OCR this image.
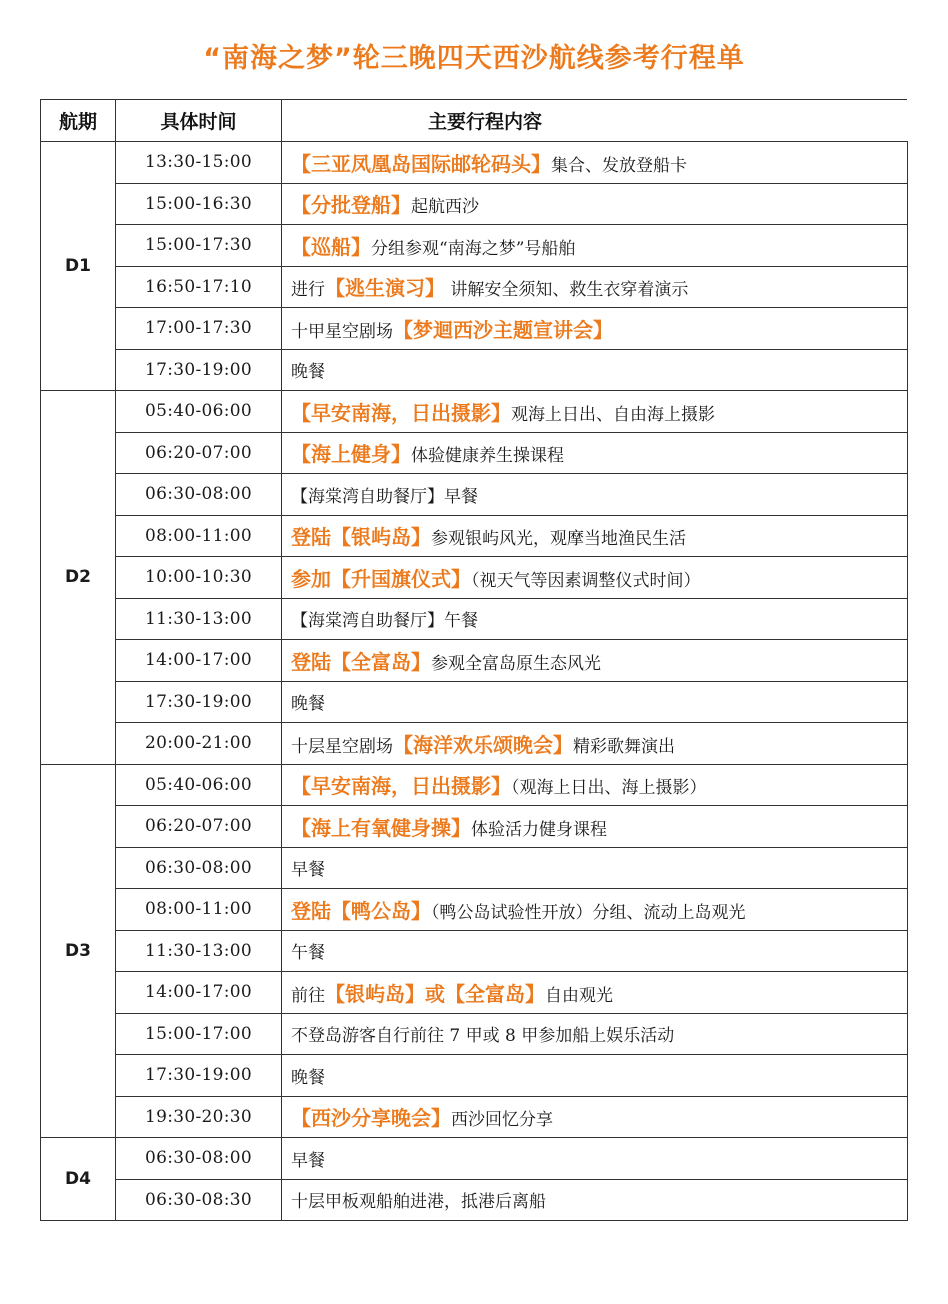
“南海之梦”轮三晚四天西沙航线参考行程单
航期	具体时间	主要行程内容
D1	13:30-15:00	【三亚凤凰岛国际邮轮码头】集合、发放登船卡
	15:00-16:30	【分批登船】起航西沙
	15:00-17:30	【巡船】分组参观“南海之梦”号船舶
	16:50-17:10	进行【逃生演习】 讲解安全须知、救生衣穿着演示
	17:00-17:30	十甲星空剧场【梦迴西沙主题宣讲会】
	17:30-19:00	晚餐
D2	05:40-06:00	【早安南海，日出摄影】观海上日出、自由海上摄影
	06:20-07:00	【海上健身】体验健康养生操课程
	06:30-08:00	【海棠湾自助餐厅】早餐
	08:00-11:00	登陆【银屿岛】参观银屿风光，观摩当地渔民生活
	10:00-10:30	参加【升国旗仪式】（视天气等因素调整仪式时间）
	11:30-13:00	【海棠湾自助餐厅】午餐
	14:00-17:00	登陆【全富岛】参观全富岛原生态风光
	17:30-19:00	晚餐
	20:00-21:00	十层星空剧场【海洋欢乐颂晚会】精彩歌舞演出
D3	05:40-06:00	【早安南海，日出摄影】（观海上日出、海上摄影）
	06:20-07:00	【海上有氧健身操】体验活力健身课程
	06:30-08:00	早餐
	08:00-11:00	登陆【鸭公岛】（鸭公岛试验性开放）分组、流动上岛观光
	11:30-13:00	午餐
	14:00-17:00	前往【银屿岛】或【全富岛】自由观光
	15:00-17:00	不登岛游客自行前往 7 甲或 8 甲参加船上娱乐活动
	17:30-19:00	晚餐
	19:30-20:30	【西沙分享晚会】西沙回忆分享
D4	06:30-08:00	早餐
	06:30-08:30	十层甲板观船舶进港，抵港后离船
